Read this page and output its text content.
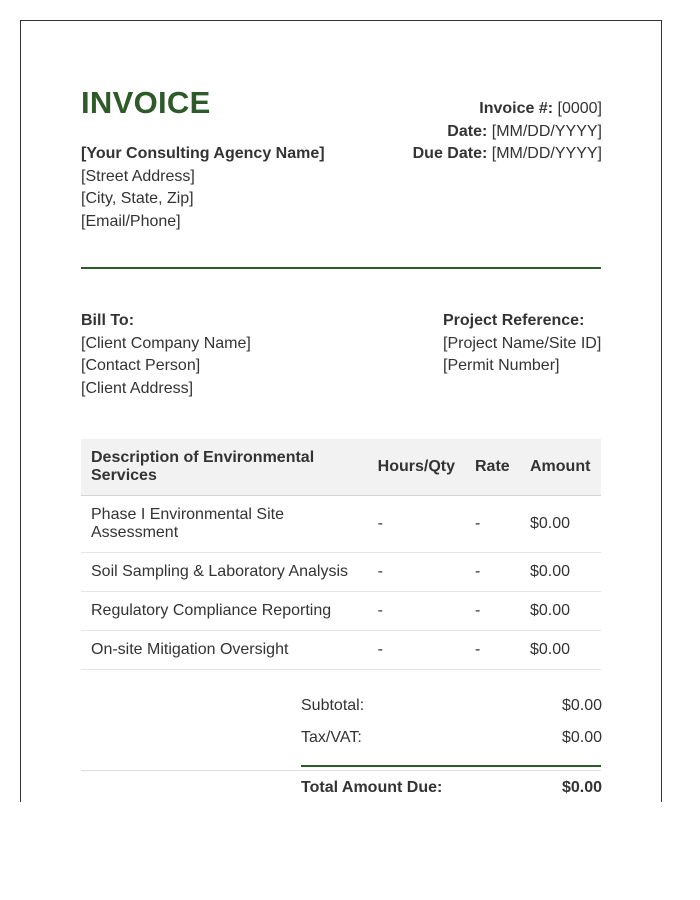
INVOICE
[Your Consulting Agency Name]
[Street Address]
[City, State, Zip]
[Email/Phone]
Invoice #: [0000]
Date: [MM/DD/YYYY]
Due Date: [MM/DD/YYYY]
Bill To:
[Client Company Name]
[Contact Person]
[Client Address]
Project Reference:
[Project Name/Site ID]
[Permit Number]
Description of Environmental Services	Hours/Qty	Rate	Amount
Phase I Environmental Site Assessment	-	-	$0.00
Soil Sampling & Laboratory Analysis	-	-	$0.00
Regulatory Compliance Reporting	-	-	$0.00
On-site Mitigation Oversight	-	-	$0.00
Subtotal:	$0.00
Tax/VAT:	$0.00
Total Amount Due:	$0.00
